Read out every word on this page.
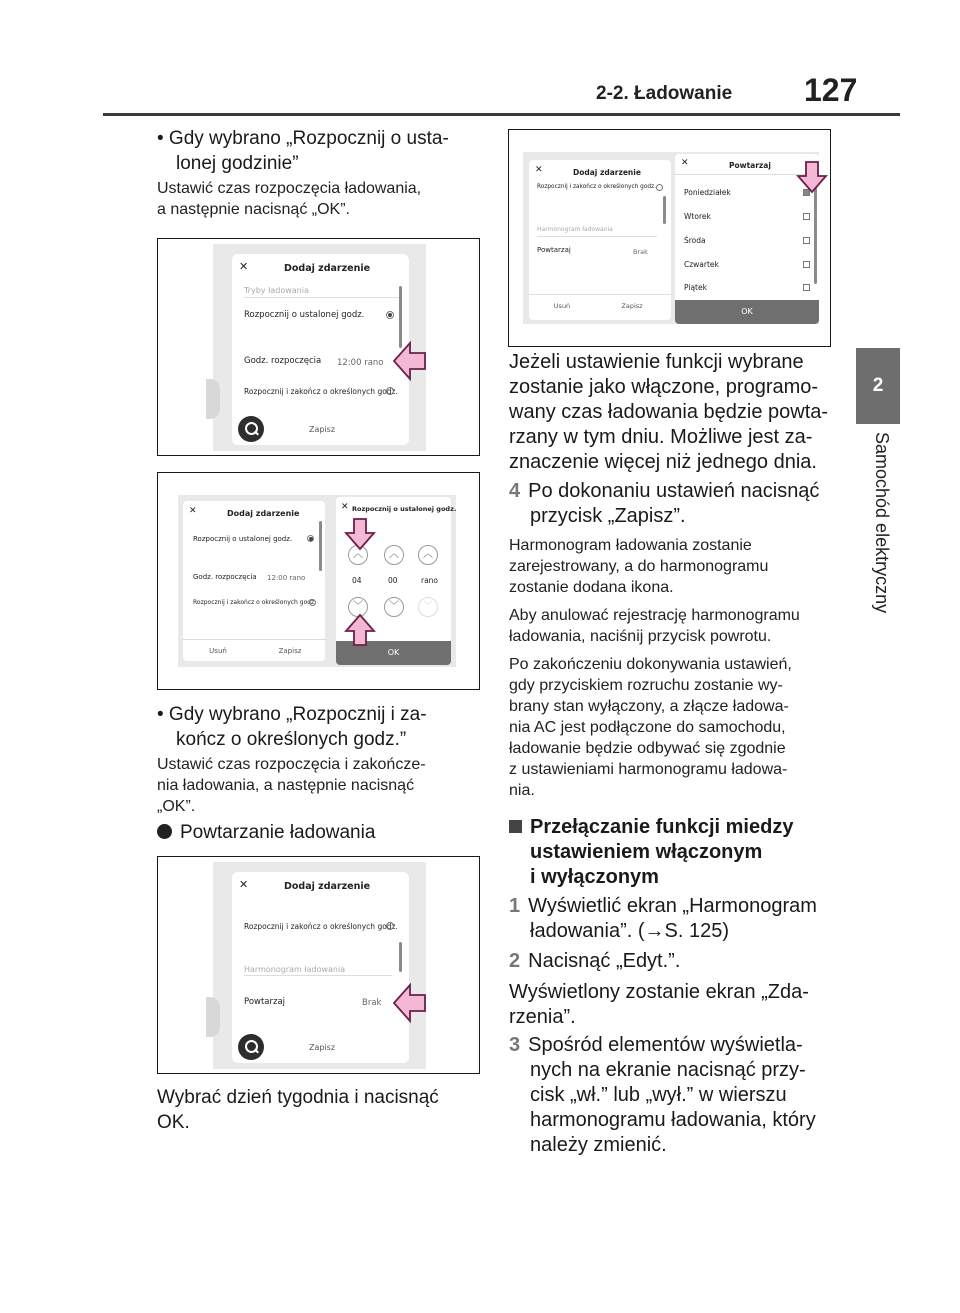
2-2. Ładowanie 127
2
Samochód elektryczny
• Gdy wybrano „Rozpocznij o usta-
lonej godzinie”
Ustawić czas rozpoczęcia ładowania,
a następnie nacisnąć „OK”.
✕	Dodaj zdarzenie
Tryby ładowania
Rozpocznij o ustalonej godz.
Godz. rozpoczęcia 12:00 rano
Rozpocznij i zakończ o określonych godz.
Zapisz
✕	Dodaj zdarzenie
Rozpocznij o ustalonej godz.
Godz. rozpoczęcia 12:00 rano
Rozpocznij i zakończ o określonych godz.
Usuń	Zapisz
✕ Rozpocznij o ustalonej godz.
︿	︿	︿
04	00	rano
﹀	﹀	﹀
OK
• Gdy wybrano „Rozpocznij i za-
kończ o określonych godz.”
Ustawić czas rozpoczęcia i zakończe-
nia ładowania, a następnie nacisnąć
„OK”.
Powtarzanie ładowania
✕	Dodaj zdarzenie
Rozpocznij i zakończ o określonych godz.
Harmonogram ładowania
Powtarzaj	Brak
Zapisz
Wybrać dzień tygodnia i nacisnąć
OK.
✕	Dodaj zdarzenie
Rozpocznij i zakończ o określonych godz.
Harmonogram ładowania
Powtarzaj	Brak
Usuń	Zapisz
✕	Powtarzaj
Poniedziałek
Wtorek
Środa
Czwartek
Piątek
OK
Jeżeli ustawienie funkcji wybrane
zostanie jako włączone, programo-
wany czas ładowania będzie powta-
rzany w tym dniu. Możliwe jest za-
znaczenie więcej niż jednego dnia.
4 Po dokonaniu ustawień nacisnąć
przycisk „Zapisz”.
Harmonogram ładowania zostanie
zarejestrowany, a do harmonogramu
zostanie dodana ikona.
Aby anulować rejestrację harmonogramu
ładowania, naciśnij przycisk powrotu.
Po zakończeniu dokonywania ustawień,
gdy przyciskiem rozruchu zostanie wy-
brany stan wyłączony, a złącze ładowa-
nia AC jest podłączone do samochodu,
ładowanie będzie odbywać się zgodnie
z ustawieniami harmonogramu ładowa-
nia.
Przełączanie funkcji miedzy
ustawieniem włączonym
i wyłączonym
1 Wyświetlić ekran „Harmonogram
ładowania”. (→S. 125)
2 Nacisnąć „Edyt.”.
Wyświetlony zostanie ekran „Zda-
rzenia”.
3 Spośród elementów wyświetla-
nych na ekranie nacisnąć przy-
cisk „wł.” lub „wył.” w wierszu
harmonogramu ładowania, który
należy zmienić.
